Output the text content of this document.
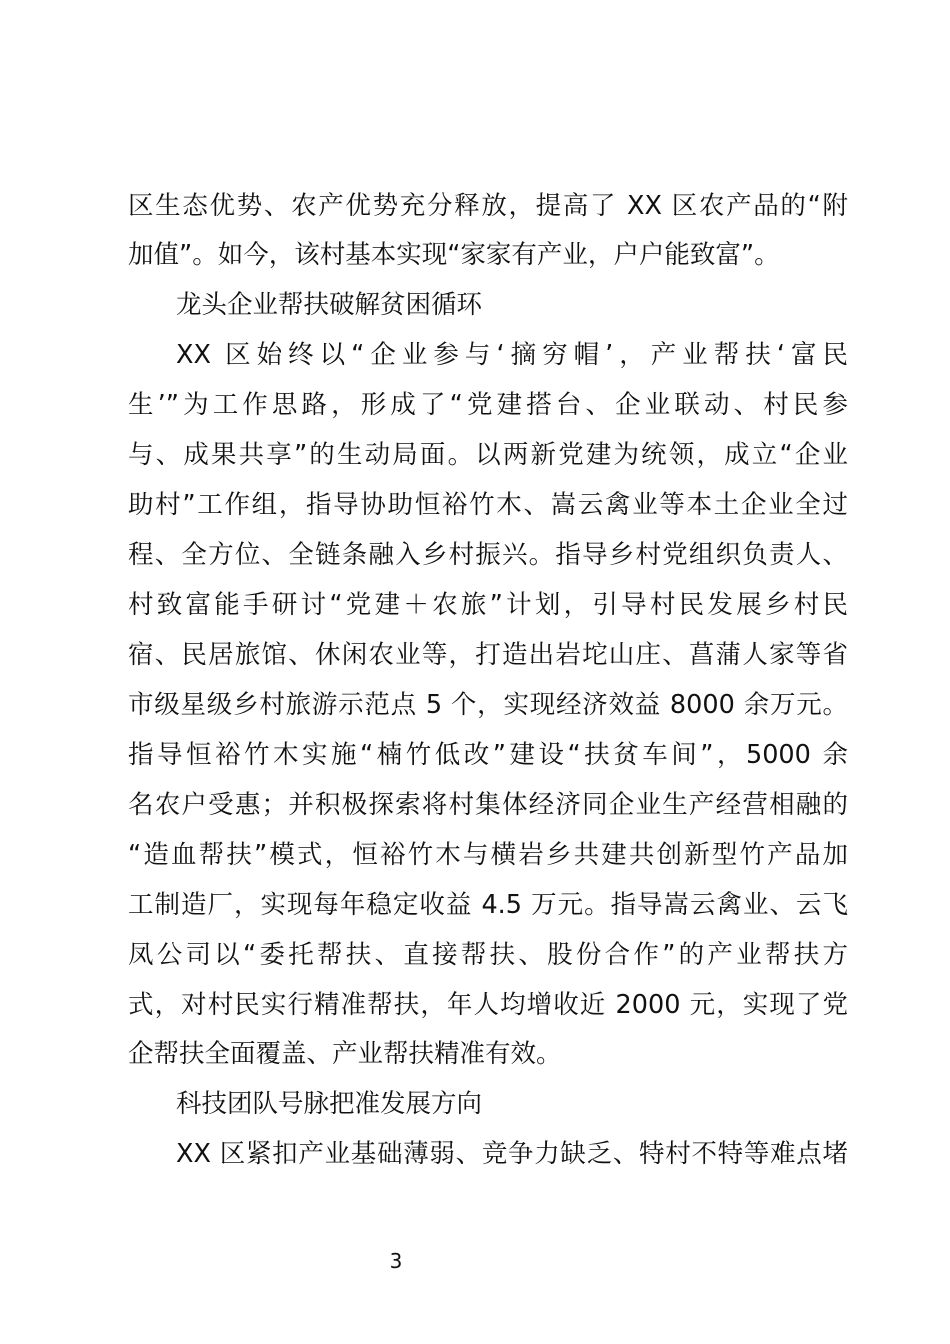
区生态优势、农产优势充分释放，提高了 XX 区农产品的“附
加值”。如今，该村基本实现“家家有产业，户户能致富”。
龙头企业帮扶破解贫困循环
XX 区始终以“企业参与‘摘穷帽’，产业帮扶‘富民
生’”为工作思路，形成了“党建搭台、企业联动、村民参
与、成果共享”的生动局面。以两新党建为统领，成立“企业
助村”工作组，指导协助恒裕竹木、嵩云禽业等本土企业全过
程、全方位、全链条融入乡村振兴。指导乡村党组织负责人、
村致富能手研讨“党建＋农旅”计划，引导村民发展乡村民
宿、民居旅馆、休闲农业等，打造出岩坨山庄、菖蒲人家等省
市级星级乡村旅游示范点 5 个，实现经济效益 8000 余万元。
指导恒裕竹木实施“楠竹低改”建设“扶贫车间”，5000 余
名农户受惠；并积极探索将村集体经济同企业生产经营相融的
“造血帮扶”模式，恒裕竹木与横岩乡共建共创新型竹产品加
工制造厂，实现每年稳定收益 4.5 万元。指导嵩云禽业、云飞
凤公司以“委托帮扶、直接帮扶、股份合作”的产业帮扶方
式，对村民实行精准帮扶，年人均增收近 2000 元，实现了党
企帮扶全面覆盖、产业帮扶精准有效。
科技团队号脉把准发展方向
XX 区紧扣产业基础薄弱、竞争力缺乏、特村不特等难点堵
3
